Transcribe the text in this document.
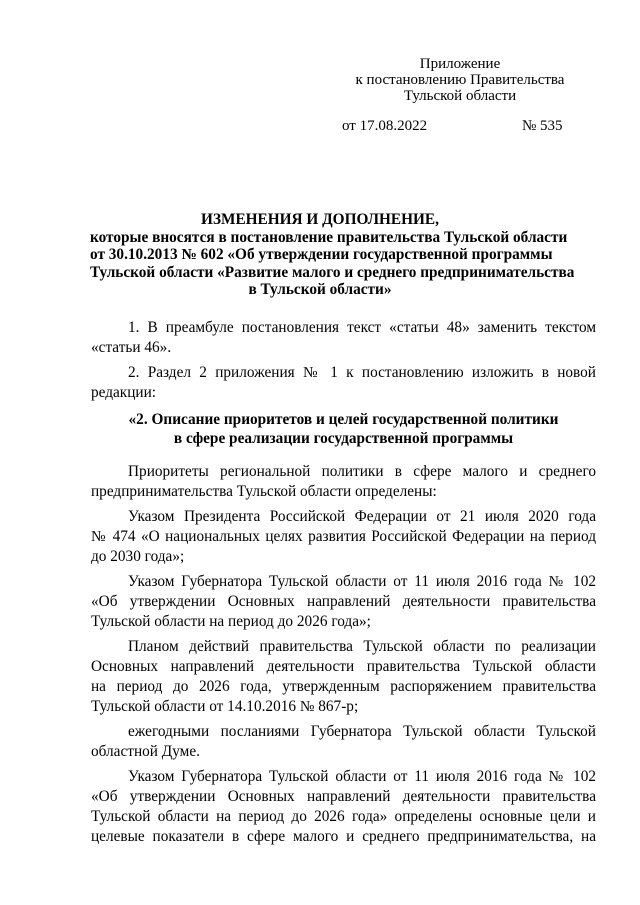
Приложение
к постановлению Правительства
Тульской области
от 17.08.2022	№ 535
ИЗМЕНЕНИЯ И ДОПОЛНЕНИЕ,
которые вносятся в постановление правительства Тульской области
от 30.10.2013 № 602 «Об утверждении государственной программы
Тульской области «Развитие малого и среднего предпринимательства
в Тульской области»

1. В преамбуле постановления текст «статьи 48» заменить текстом
«статьи 46».

2. Раздел 2 приложения № 1 к постановлению изложить в новой
редакции:

«2. Описание приоритетов и целей государственной политики
в сфере реализации государственной программы

Приоритеты региональной политики в сфере малого и среднего
предпринимательства Тульской области определены:

Указом Президента Российской Федерации от 21 июля 2020 года
№ 474 «О национальных целях развития Российской Федерации на период
до 2030 года»;

Указом Губернатора Тульской области от 11 июля 2016 года № 102
«Об утверждении Основных направлений деятельности правительства
Тульской области на период до 2026 года»;

Планом действий правительства Тульской области по реализации
Основных направлений деятельности правительства Тульской области
на период до 2026 года, утвержденным распоряжением правительства
Тульской области от 14.10.2016 № 867-р;

ежегодными посланиями Губернатора Тульской области Тульской
областной Думе.

Указом Губернатора Тульской области от 11 июля 2016 года № 102
«Об утверждении Основных направлений деятельности правительства
Тульской области на период до 2026 года» определены основные цели и
целевые показатели в сфере малого и среднего предпринимательства, на
